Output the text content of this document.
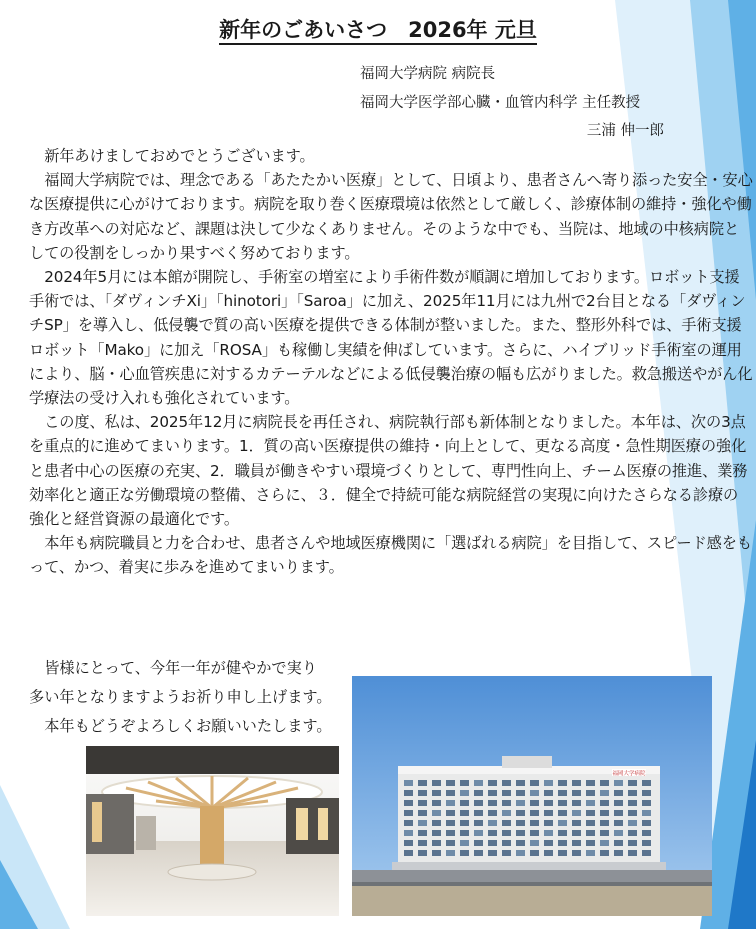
新年のごあいさつ　2026年 元旦
福岡大学病院 病院長
福岡大学医学部心臓・血管内科学 主任教授
三浦 伸一郎

新年あけましておめでとうございます。

福岡大学病院では、理念である「あたたかい医療」として、日頃より、患者さんへ寄り添った安全・安心な医療提供に心がけております。病院を取り巻く医療環境は依然として厳しく、診療体制の維持・強化や働き方改革への対応など、課題は決して少なくありません。そのような中でも、当院は、地域の中核病院としての役割をしっかり果すべく努めております。

2024年5月には本館が開院し、手術室の増室により手術件数が順調に増加しております。ロボット支援手術では、「ダヴィンチXi」「hinotori」「Saroa」に加え、2025年11月には九州で2台目となる「ダヴィンチSP」を導入し、低侵襲で質の高い医療を提供できる体制が整いました。また、整形外科では、手術支援ロボット「Mako」に加え「ROSA」も稼働し実績を伸ばしています。さらに、ハイブリッド手術室の運用により、脳・心血管疾患に対するカテーテルなどによる低侵襲治療の幅も広がりました。救急搬送やがん化学療法の受け入れも強化されています。

この度、私は、2025年12月に病院長を再任され、病院執行部も新体制となりました。本年は、次の3点を重点的に進めてまいります。1．質の高い医療提供の維持・向上として、更なる高度・急性期医療の強化と患者中心の医療の充実、2．職員が働きやすい環境づくりとして、専門性向上、チーム医療の推進、業務効率化と適正な労働環境の整備、さらに、３．健全で持続可能な病院経営の実現に向けたさらなる診療の強化と経営資源の最適化です。

本年も病院職員と力を合わせ、患者さんや地域医療機関に「選ばれる病院」を目指して、スピード感をもって、かつ、着実に歩みを進めてまいります。

皆様にとって、今年一年が健やかで実り

多い年となりますようお祈り申し上げます。

本年もどうぞよろしくお願いいたします。

福岡大学病院
